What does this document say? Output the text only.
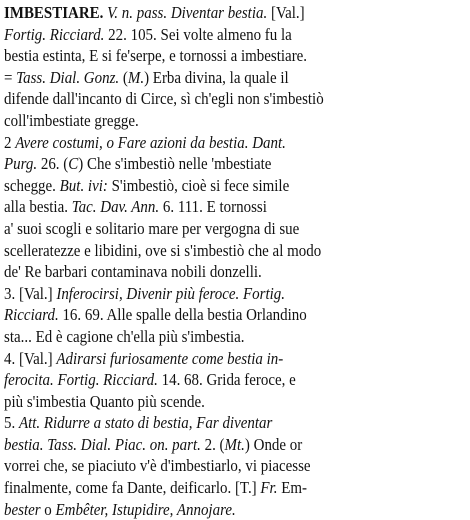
IMBESTIARE. V. n. pass. Diventar bestia. [Val.]
Fortig. Ricciard. 22. 105. Sei volte almeno fu la
bestia estinta, E si fe'serpe, e tornossi a imbestiare.
= Tass. Dial. Gonz. (M.) Erba divina, la quale il
difende dall'incanto di Circe, sì ch'egli non s'imbestiò
coll'imbestiate gregge.
2 Avere costumi, o Fare azioni da bestia. Dant.
Purg. 26. (C) Che s'imbestiò nelle 'mbestiate
schegge. But. ivi: S'imbestiò, cioè si fece simile
alla bestia. Tac. Dav. Ann. 6. 111. E tornossi
a' suoi scogli e solitario mare per vergogna di sue
scelleratezze e libidini, ove si s'imbestiò che al modo
de' Re barbari contaminava nobili donzelli.
3. [Val.] Inferocirsi, Divenir più feroce. Fortig.
Ricciard. 16. 69. Alle spalle della bestia Orlandino
sta... Ed è cagione ch'ella più s'imbestia.
4. [Val.] Adirarsi furiosamente come bestia in-
ferocita. Fortig. Ricciard. 14. 68. Grida feroce, e
più s'imbestia Quanto più scende.
5. Att. Ridurre a stato di bestia, Far diventar
bestia. Tass. Dial. Piac. on. part. 2. (Mt.) Onde or
vorrei che, se piaciuto v'è d'imbestiarlo, vi piacesse
finalmente, come fa Dante, deificarlo. [T.] Fr. Em-
bester o Embêter, Istupidire, Annojare.
